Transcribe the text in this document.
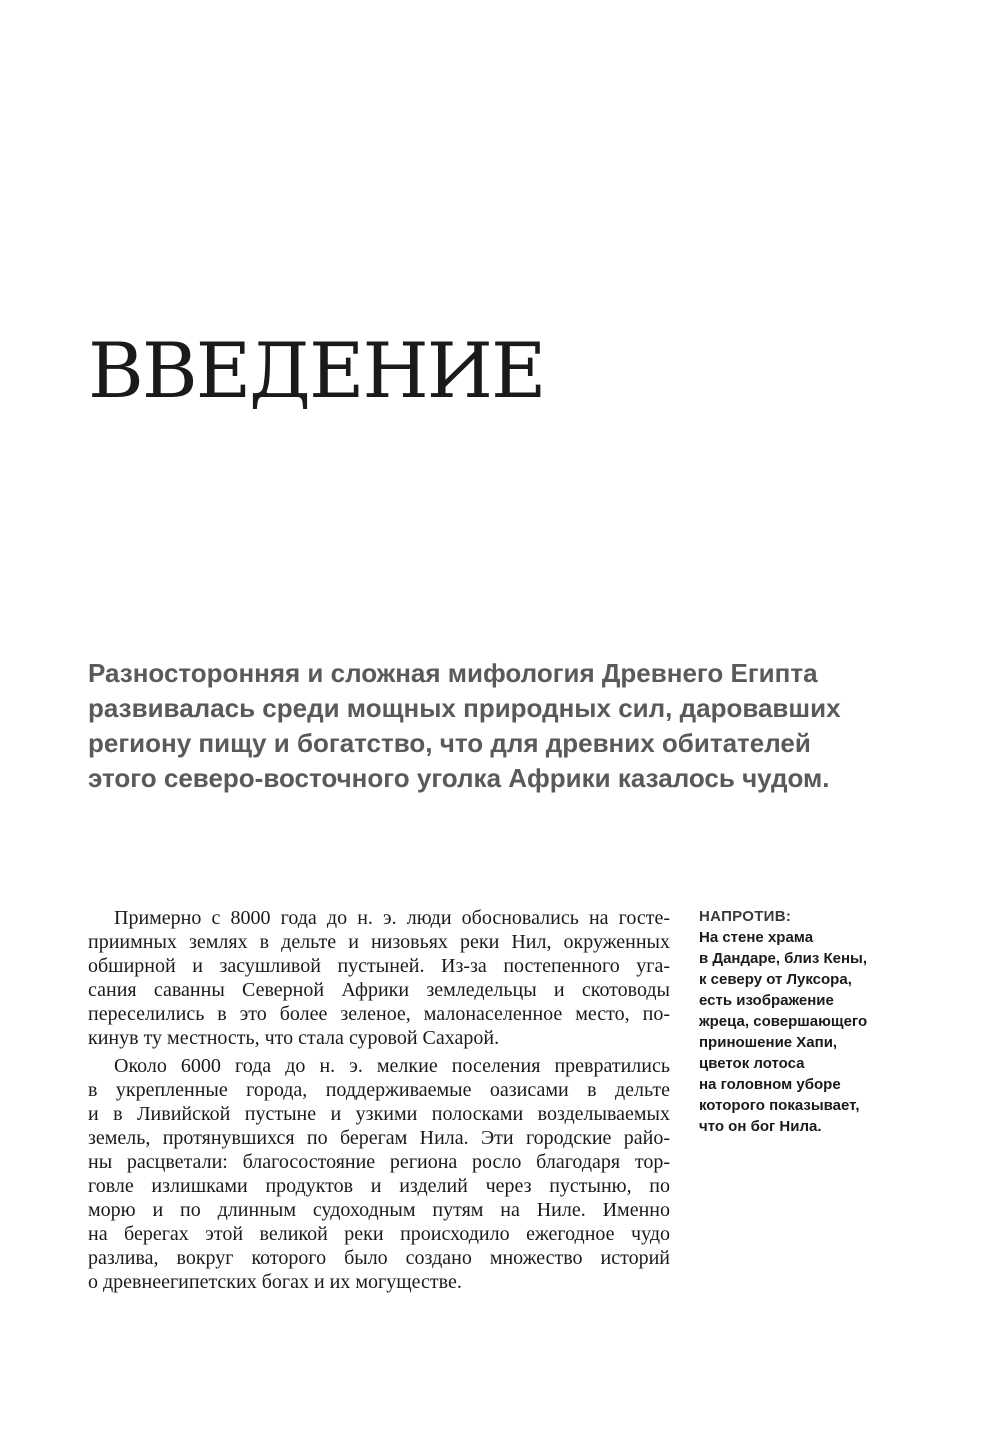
ВВЕДЕНИЕ
Разносторонняя и сложная мифология Древнего Египта
развивалась среди мощных природных сил, даровавших
региону пищу и богатство, что для древних обитателей
этого северо-восточного уголка Африки казалось чудом.

Примерно с 8000 года до н. э. люди обосновались на госте-
приимных землях в дельте и низовьях реки Нил, окруженных
обширной и засушливой пустыней. Из-за постепенного уга-
сания саванны Северной Африки земледельцы и скотоводы
переселились в это более зеленое, малонаселенное место, по-
кинув ту местность, что стала суровой Сахарой.

Около 6000 года до н. э. мелкие поселения превратились
в укрепленные города, поддерживаемые оазисами в дельте
и в Ливийской пустыне и узкими полосками возделываемых
земель, протянувшихся по берегам Нила. Эти городские райо-
ны расцветали: благосостояние региона росло благодаря тор-
говле излишками продуктов и изделий через пустыню, по
морю и по длинным судоходным путям на Ниле. Именно
на берегах этой великой реки происходило ежегодное чудо
разлива, вокруг которого было создано множество историй
о древнеегипетских богах и их могуществе.

НАПРОТИВ:
На стене храма
в Дандаре, близ Кены,
к северу от Луксора,
есть изображение
жреца, совершающего
приношение Хапи,
цветок лотоса
на головном уборе
которого показывает,
что он бог Нила.
